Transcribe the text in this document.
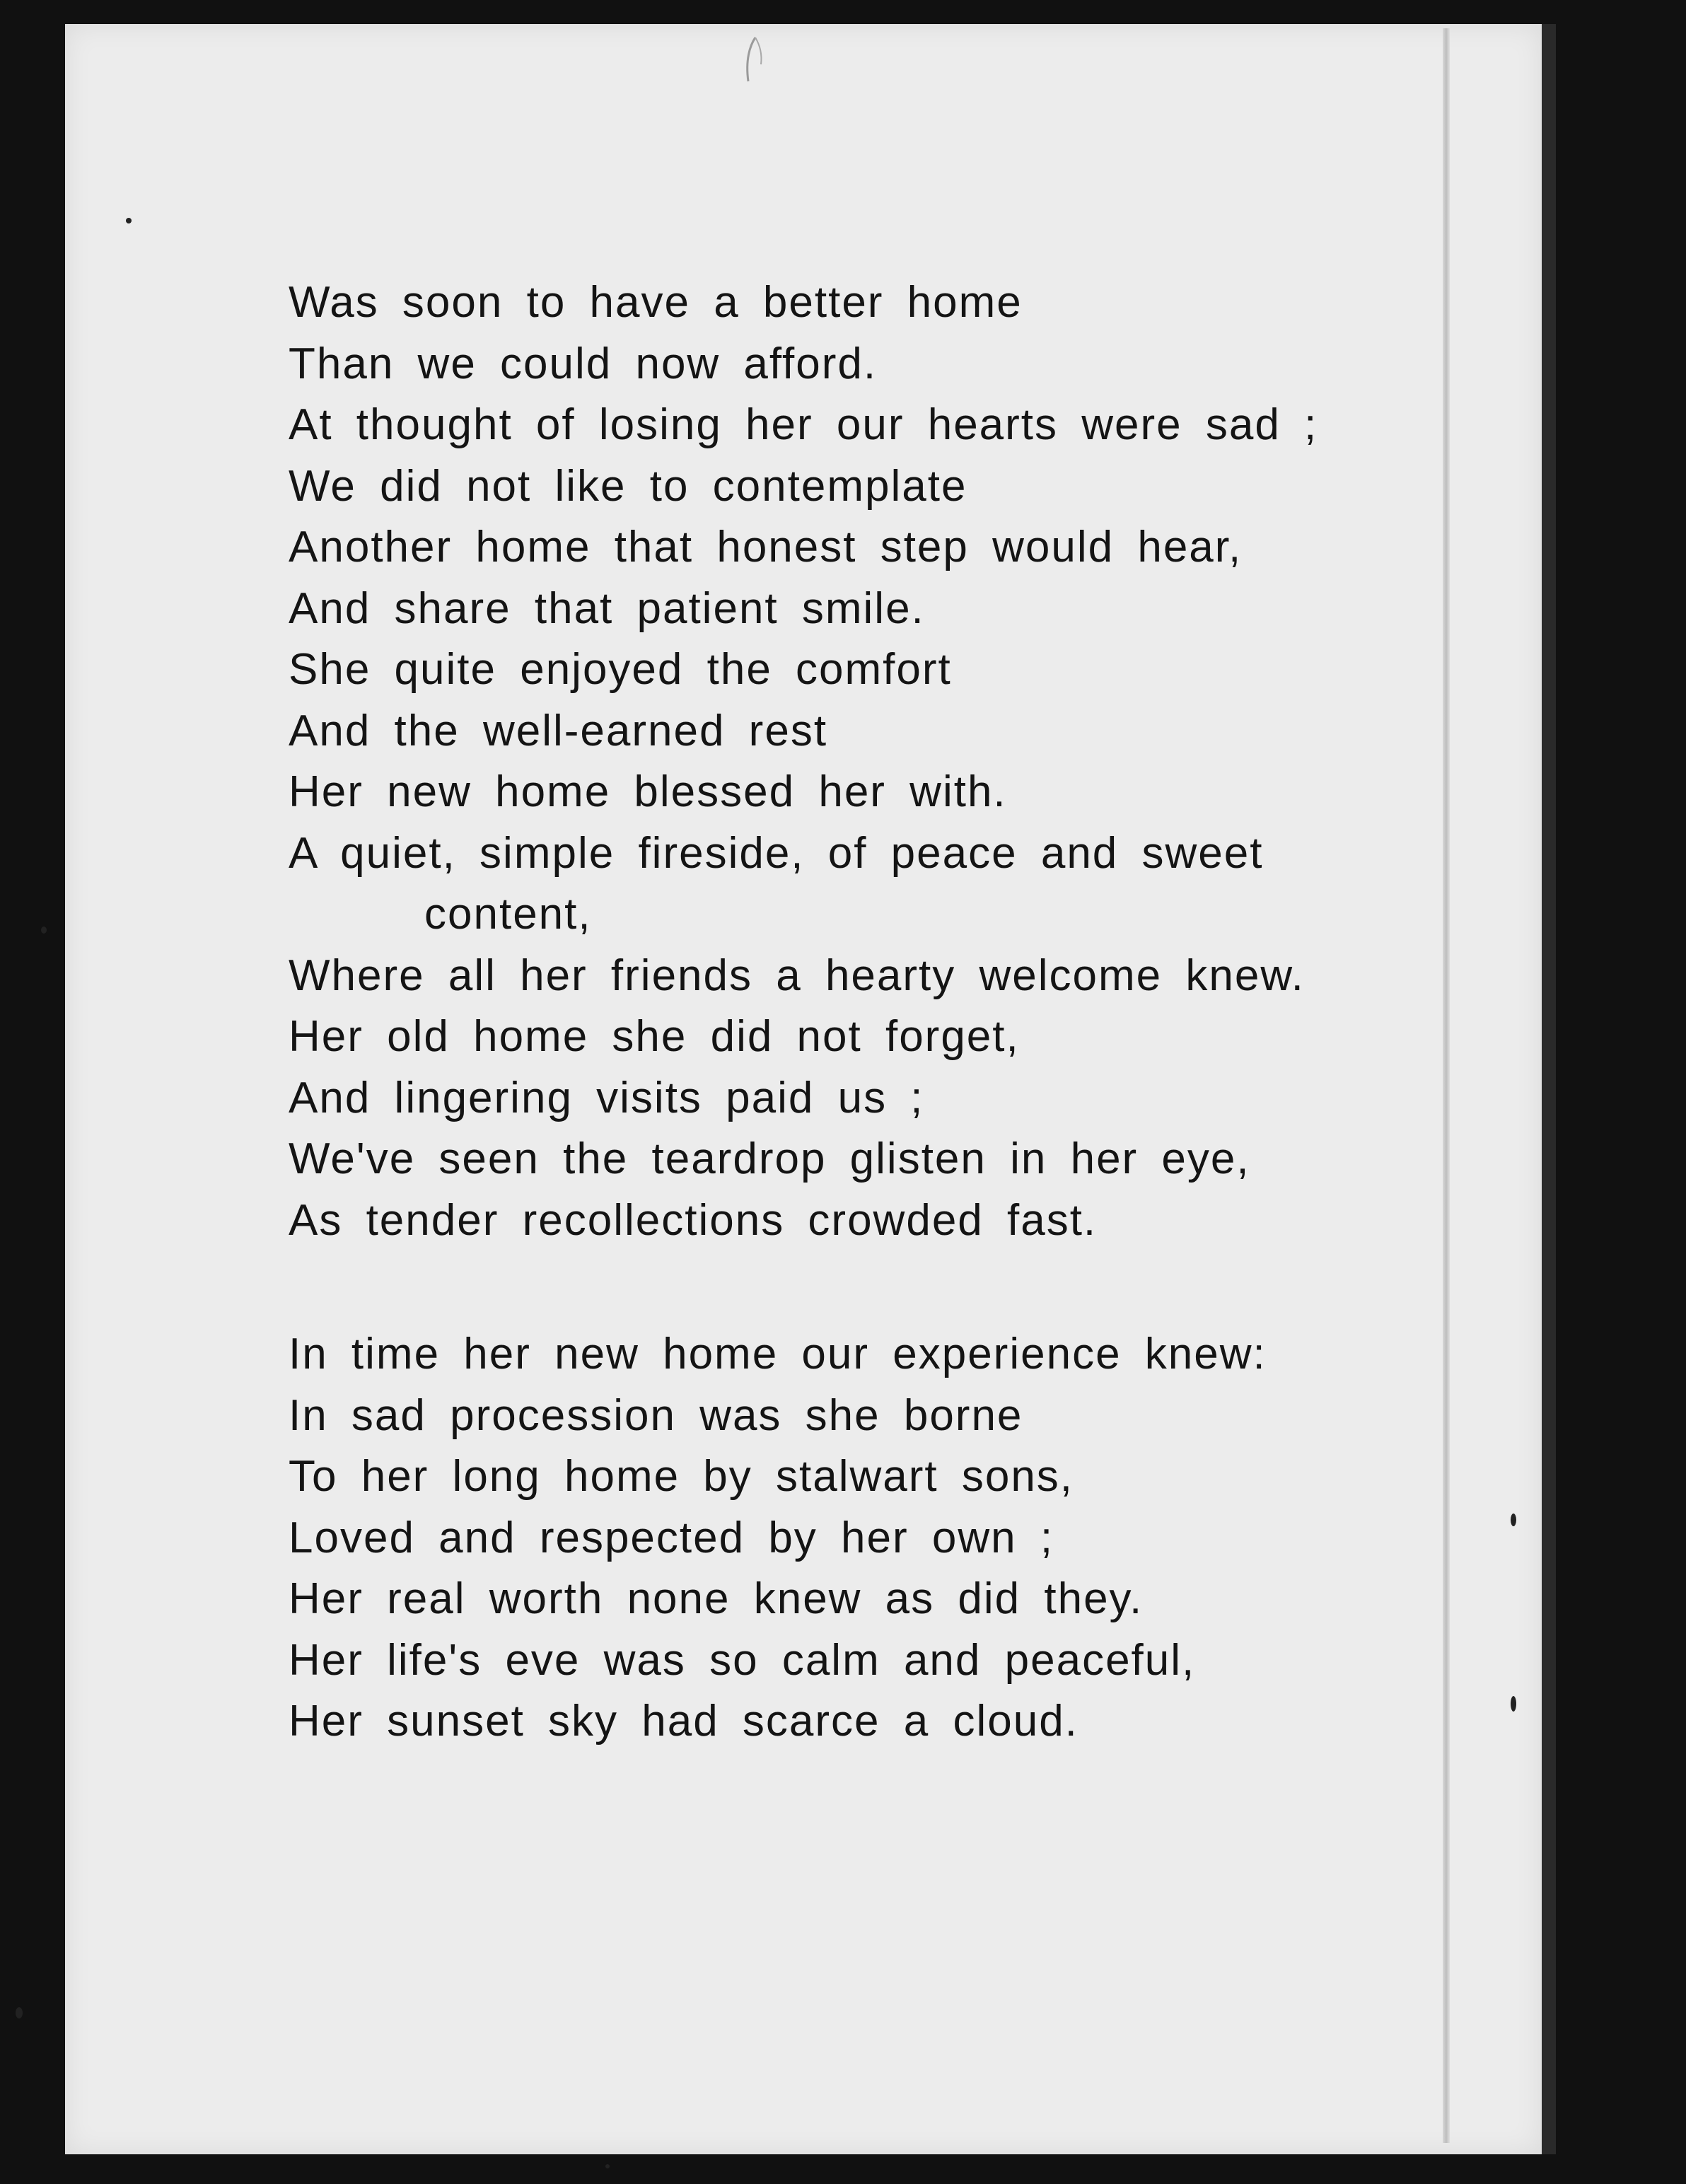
Was soon to have a better home
Than we could now afford.
At thought of losing her our hearts were sad ;
We did not like to contemplate
Another home that honest step would hear,
And share that patient smile.
She quite enjoyed the comfort
And the well-earned rest
Her new home blessed her with.
A quiet, simple fireside, of peace and sweet
content,
Where all her friends a hearty welcome knew.
Her old home she did not forget,
And lingering visits paid us ;
We've seen the teardrop glisten in her eye,
As tender recollections crowded fast.
In time her new home our experience knew:
In sad procession was she borne
To her long home by stalwart sons,
Loved and respected by her own ;
Her real worth none knew as did they.
Her life's eve was so calm and peaceful,
Her sunset sky had scarce a cloud.
